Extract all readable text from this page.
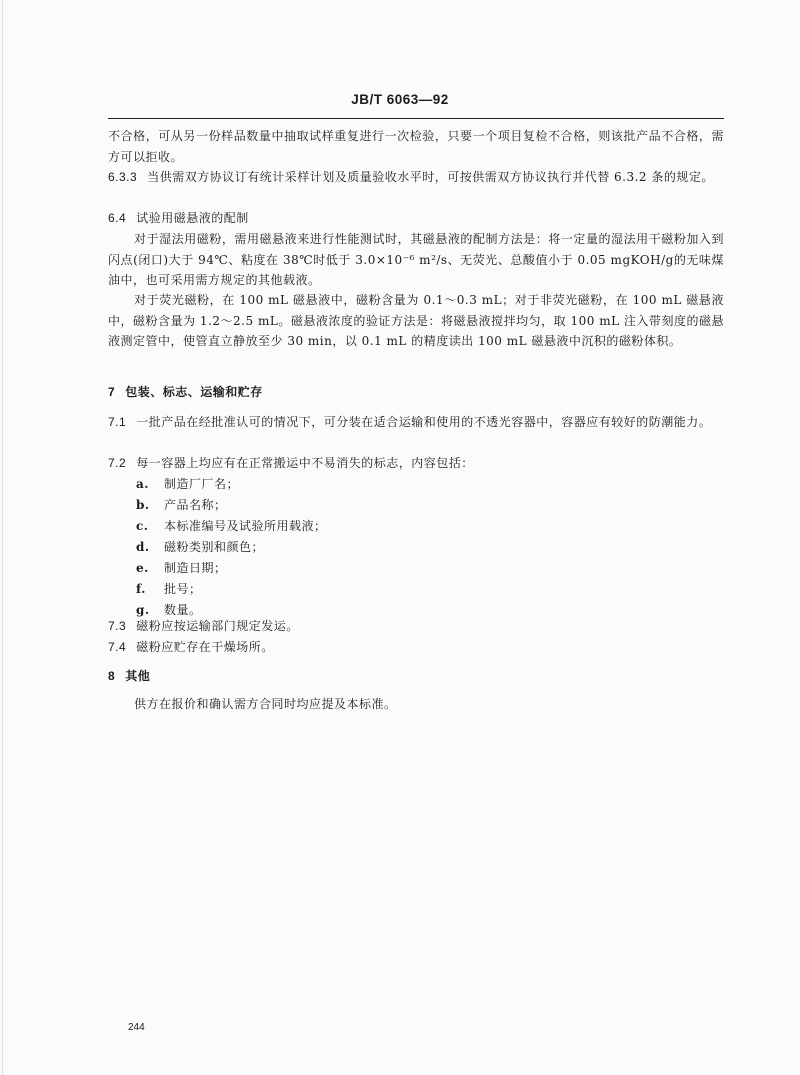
JB/T 6063—92

不合格，可从另一份样品数量中抽取试样重复进行一次检验，只要一个项目复检不合格，则该批产品不合格，需方可以拒收。

6.3.3 当供需双方协议订有统计采样计划及质量验收水平时，可按供需双方协议执行并代替 6.3.2 条的规定。

6.4 试验用磁悬液的配制

对于湿法用磁粉，需用磁悬液来进行性能测试时，其磁悬液的配制方法是：将一定量的湿法用干磁粉加入到闪点(闭口)大于 94℃、粘度在 38℃时低于 3.0×10⁻⁶ m²/s、无荧光、总酸值小于 0.05 mgKOH/g的无味煤油中，也可采用需方规定的其他载液。

对于荧光磁粉，在 100 mL 磁悬液中，磁粉含量为 0.1～0.3 mL；对于非荧光磁粉，在 100 mL 磁悬液中，磁粉含量为 1.2～2.5 mL。磁悬液浓度的验证方法是：将磁悬液搅拌均匀，取 100 mL 注入带刻度的磁悬液测定管中，使管直立静放至少 30 min，以 0.1 mL 的精度读出 100 mL 磁悬液中沉积的磁粉体积。

7 包装、标志、运输和贮存

7.1 一批产品在经批准认可的情况下，可分装在适合运输和使用的不透光容器中，容器应有较好的防潮能力。

7.2 每一容器上均应有在正常搬运中不易消失的标志，内容包括：

a. 制造厂厂名；

b. 产品名称；

c. 本标准编号及试验所用载液；

d. 磁粉类别和颜色；

e. 制造日期；

f. 批号；

g. 数量。

7.3 磁粉应按运输部门规定发运。

7.4 磁粉应贮存在干燥场所。

8 其他

供方在报价和确认需方合同时均应提及本标准。

244
